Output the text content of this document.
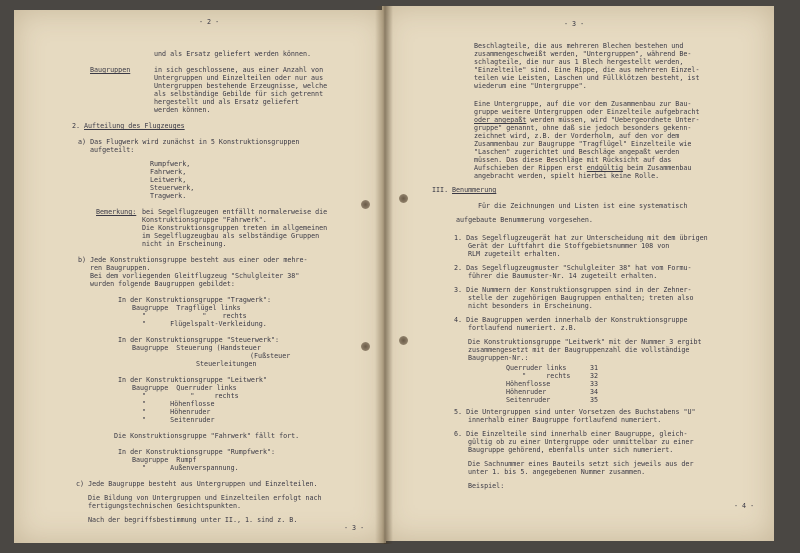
- 2 -
und als Ersatz geliefert werden können.
Baugruppen	in sich geschlossene, aus einer Anzahl von
Untergruppen und Einzelteilen oder nur aus
Untergruppen bestehende Erzeugnisse, welche
als selbständige Gebilde für sich getrennt
hergestellt und als Ersatz geliefert
werden können.
2. Aufteilung des Flugzeuges
a) Das Flugwerk wird zunächst in 5 Konstruktionsgruppen
aufgeteilt:
Rumpfwerk,
Fahrwerk,
Leitwerk,
Steuerwerk,
Tragwerk.
Bemerkung: bei Segelflugzeugen entfällt normalerweise die
Konstruktionsgruppe "Fahrwerk".
Die Konstruktionsgruppen treten im allgemeinen
im Segelflugzeugbau als selbständige Gruppen
nicht in Erscheinung.
b) Jede Konstruktionsgruppe besteht aus einer oder mehre-
ren Baugruppen.
Bei dem vorliegenden Gleitflugzeug "Schulgleiter 38"
wurden folgende Baugruppen gebildet:
In der Konstruktionsgruppe "Tragwerk":
Baugruppe  Tragflügel links
"              "    rechts
"      Flügelspalt-Verkleidung.
In der Konstruktionsgruppe "Steuerwerk":
Baugruppe  Steuerung (Handsteuer
(Fußsteuer
Steuerleitungen
In der Konstruktionsgruppe "Leitwerk"
Baugruppe  Querruder links
"           "     rechts
"      Höhenflosse
"      Höhenruder
"      Seitenruder
Die Konstruktionsgruppe "Fahrwerk" fällt fort.
In der Konstruktionsgruppe "Rumpfwerk":
Baugruppe  Rumpf
"      Außenverspannung.
c) Jede Baugruppe besteht aus Untergruppen und Einzelteilen.
Die Bildung von Untergruppen und Einzelteilen erfolgt nach
fertigungstechnischen Gesichtspunkten.
Nach der begriffsbestimmung unter II., 1. sind z. B.
- 3 -
- 3 -
Beschlagteile, die aus mehreren Blechen bestehen und
zusammengeschweißt werden, "Untergruppen", während Be-
schlagteile, die nur aus 1 Blech hergestellt werden,
"Einzelteile" sind. Eine Rippe, die aus mehreren Einzel-
teilen wie Leisten, Laschen und Füllklötzen besteht, ist
wiederum eine "Untergruppe".
Eine Untergruppe, auf die vor dem Zusammenbau zur Bau-
gruppe weitere Untergruppen oder Einzelteile aufgebracht
oder angepaßt werden müssen, wird "Uebergeordnete Unter-
gruppe" genannt, ohne daß sie jedoch besonders gekenn-
zeichnet wird, z.B. der Vorderholm, auf den vor dem
Zusammenbau zur Baugruppe "Tragflügel" Einzelteile wie
"Laschen" zugerichtet und Beschläge angepaßt werden
müssen. Das diese Beschläge mit Rücksicht auf das
Aufschieben der Rippen erst endgültig beim Zusammenbau
angebracht werden, spielt hierbei keine Rolle.
III. Benummerung
Für die Zeichnungen und Listen ist eine systematisch
aufgebaute Benummerung vorgesehen.
1. Das Segelflugzeugerät hat zur Unterscheidung mit dem übrigen
Gerät der Luftfahrt die Stoffgebietsnummer 108 von
RLM zugeteilt erhalten.
2. Das Segelflugzeugmuster "Schulgleiter 38" hat vom Formu-
führer die Baumuster-Nr. 14 zugeteilt erhalten.
3. Die Nummern der Konstruktionsgruppen sind in der Zehner-
stelle der zugehörigen Baugruppen enthalten; treten also
nicht besonders in Erscheinung.
4. Die Baugruppen werden innerhalb der Konstruktionsgruppe
fortlaufend numeriert. z.B.
Die Konstruktionsgruppe "Leitwerk" mit der Nummer 3 ergibt
zusammengesetzt mit der Baugruppenzahl die vollständige
Baugruppen-Nr.:
Querruder links	31
"     rechts	32
Höhenflosse	33
Höhenruder	34
Seitenruder	35
5. Die Untergruppen sind unter Vorsetzen des Buchstabens "U"
innerhalb einer Baugruppe fortlaufend numeriert.
6. Die Einzelteile sind innerhalb einer Baugruppe, gleich-
gültig ob zu einer Untergruppe oder unmittelbar zu einer
Baugruppe gehörend, ebenfalls unter sich numeriert.
Die Sachnummer eines Bauteils setzt sich jeweils aus der
unter 1. bis 5. angegebenen Nummer zusammen.
Beispiel:
- 4 -
